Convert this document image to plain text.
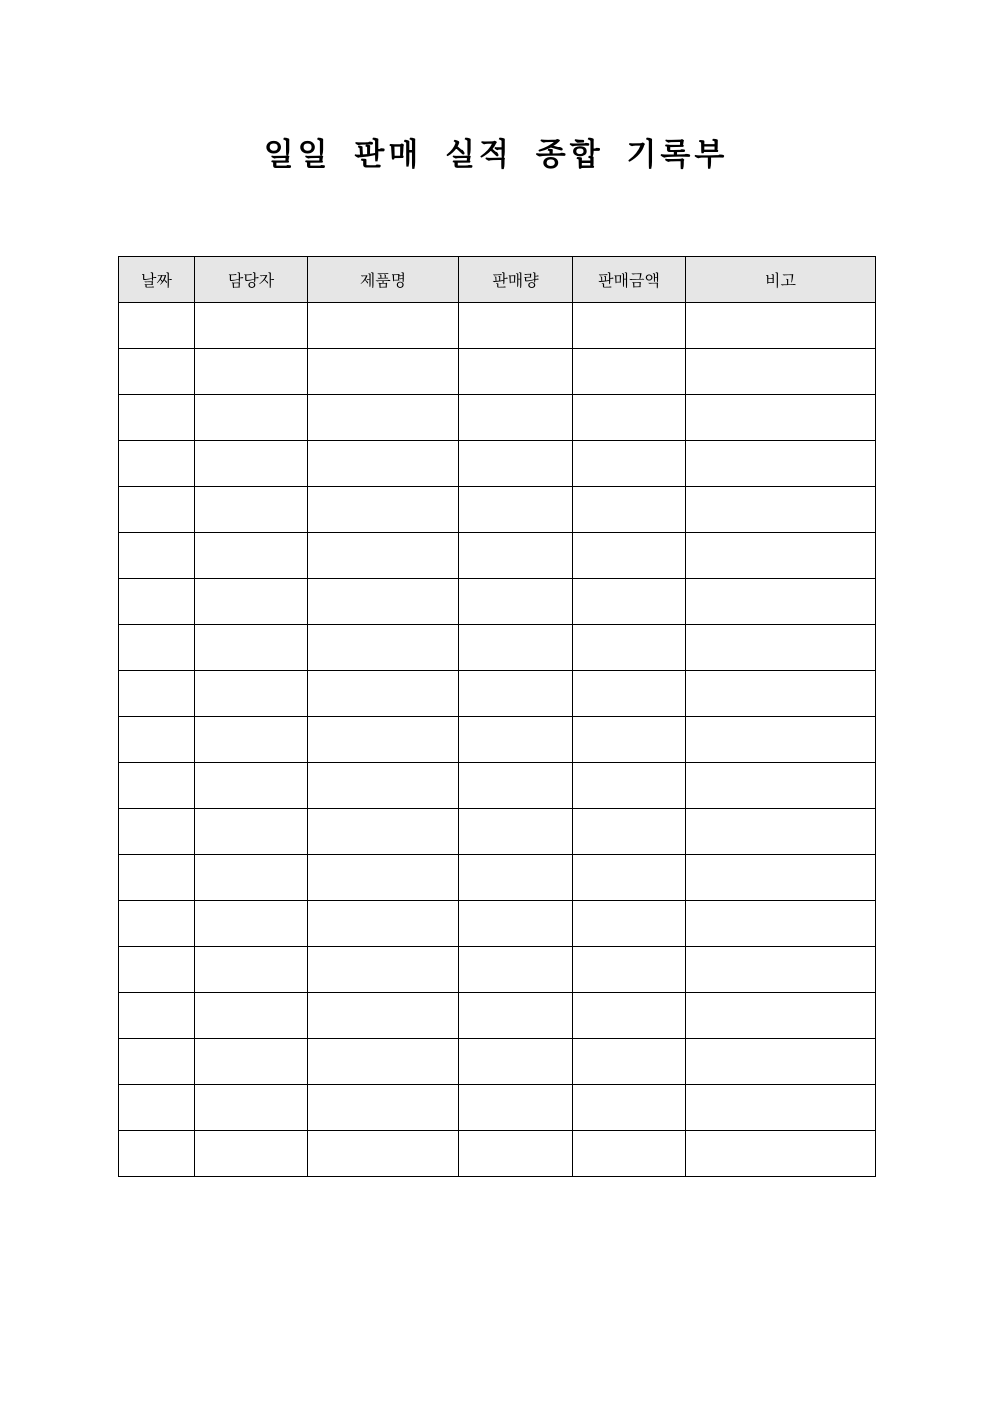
일일 판매 실적 종합 기록부
날짜	담당자	제품명	판매량	판매금액	비고
